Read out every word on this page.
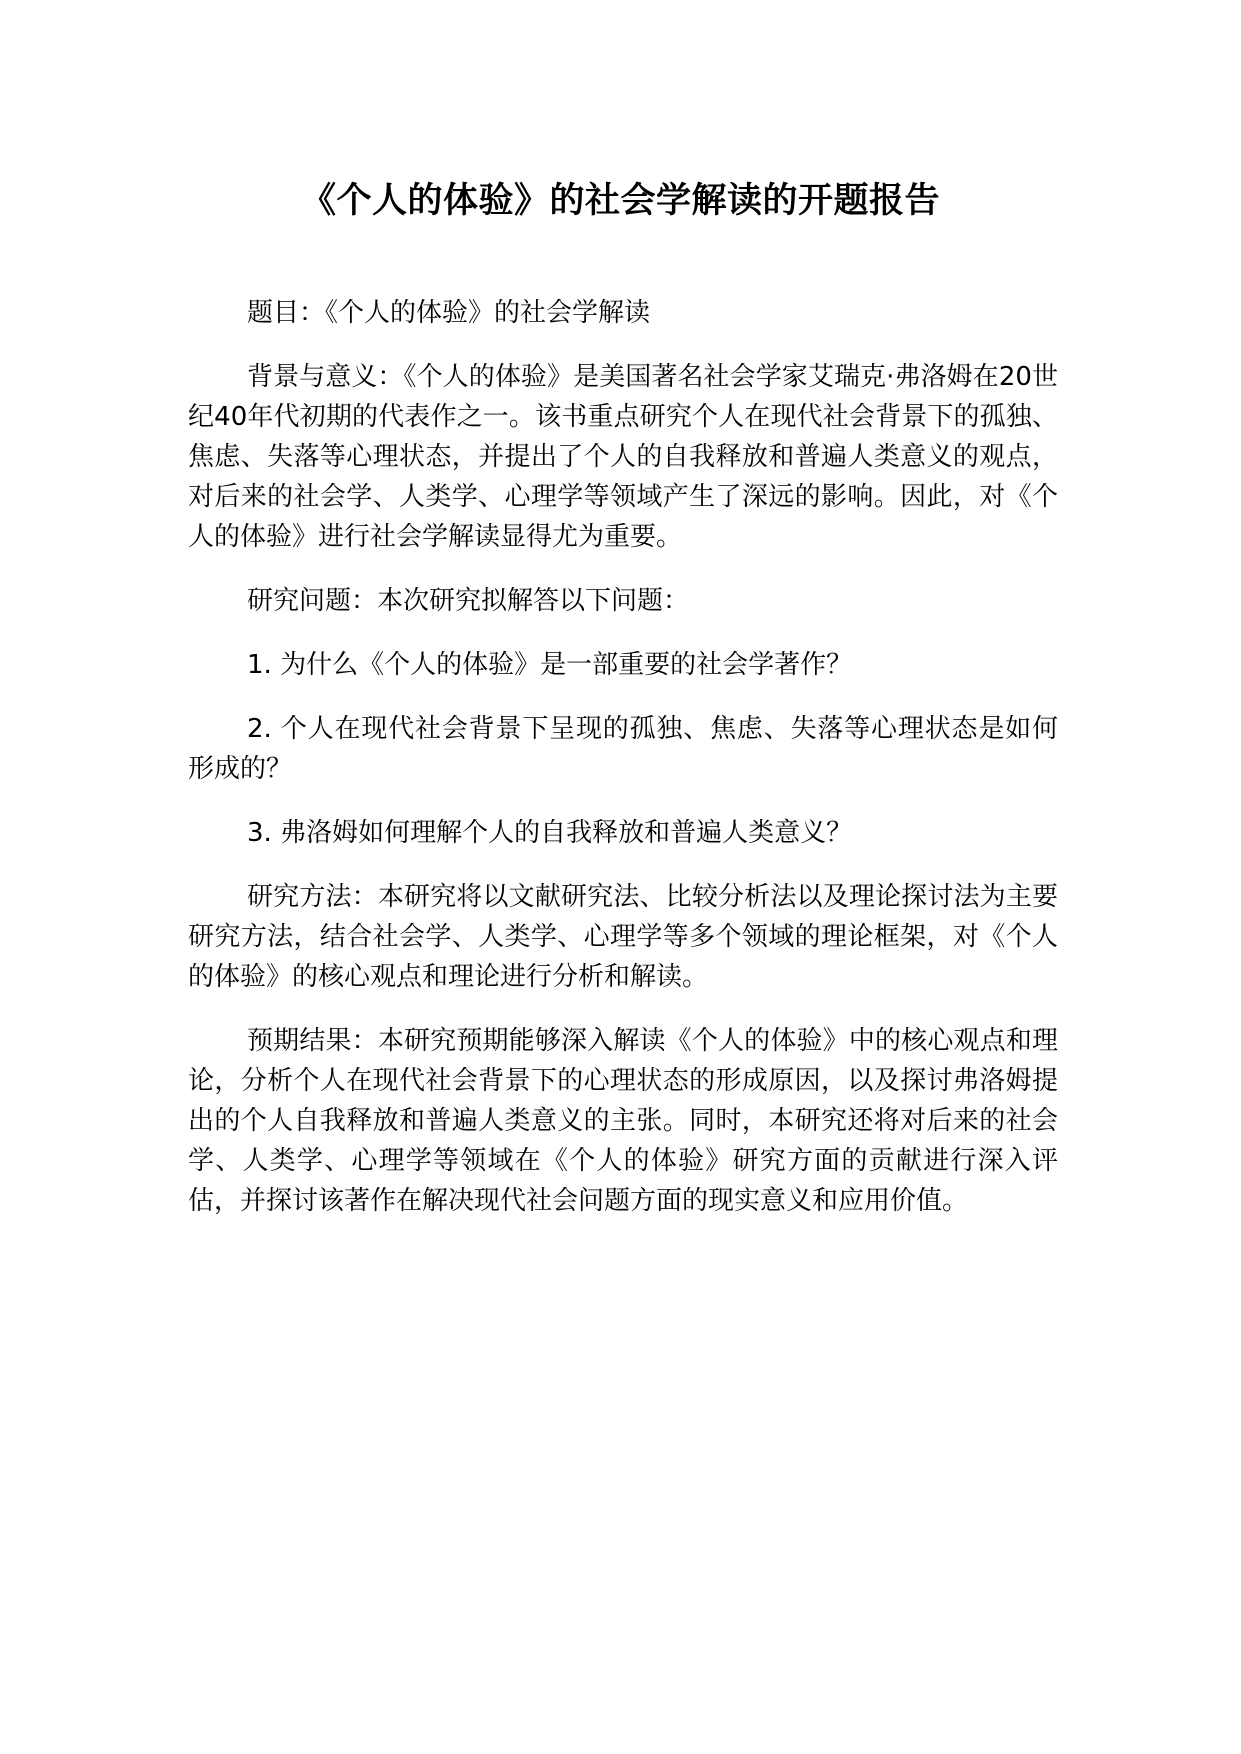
《个人的体验》的社会学解读的开题报告

题目：《个人的体验》的社会学解读

背景与意义：《个人的体验》是美国著名社会学家艾瑞克·弗洛姆在20世纪40年代初期的代表作之一。该书重点研究个人在现代社会背景下的孤独、焦虑、失落等心理状态，并提出了个人的自我释放和普遍人类意义的观点，对后来的社会学、人类学、心理学等领域产生了深远的影响。因此，对《个人的体验》进行社会学解读显得尤为重要。

研究问题：本次研究拟解答以下问题：

1. 为什么《个人的体验》是一部重要的社会学著作？

2. 个人在现代社会背景下呈现的孤独、焦虑、失落等心理状态是如何形成的？

3. 弗洛姆如何理解个人的自我释放和普遍人类意义？

研究方法：本研究将以文献研究法、比较分析法以及理论探讨法为主要研究方法，结合社会学、人类学、心理学等多个领域的理论框架，对《个人的体验》的核心观点和理论进行分析和解读。

预期结果：本研究预期能够深入解读《个人的体验》中的核心观点和理论，分析个人在现代社会背景下的心理状态的形成原因，以及探讨弗洛姆提出的个人自我释放和普遍人类意义的主张。同时，本研究还将对后来的社会学、人类学、心理学等领域在《个人的体验》研究方面的贡献进行深入评估，并探讨该著作在解决现代社会问题方面的现实意义和应用价值。
